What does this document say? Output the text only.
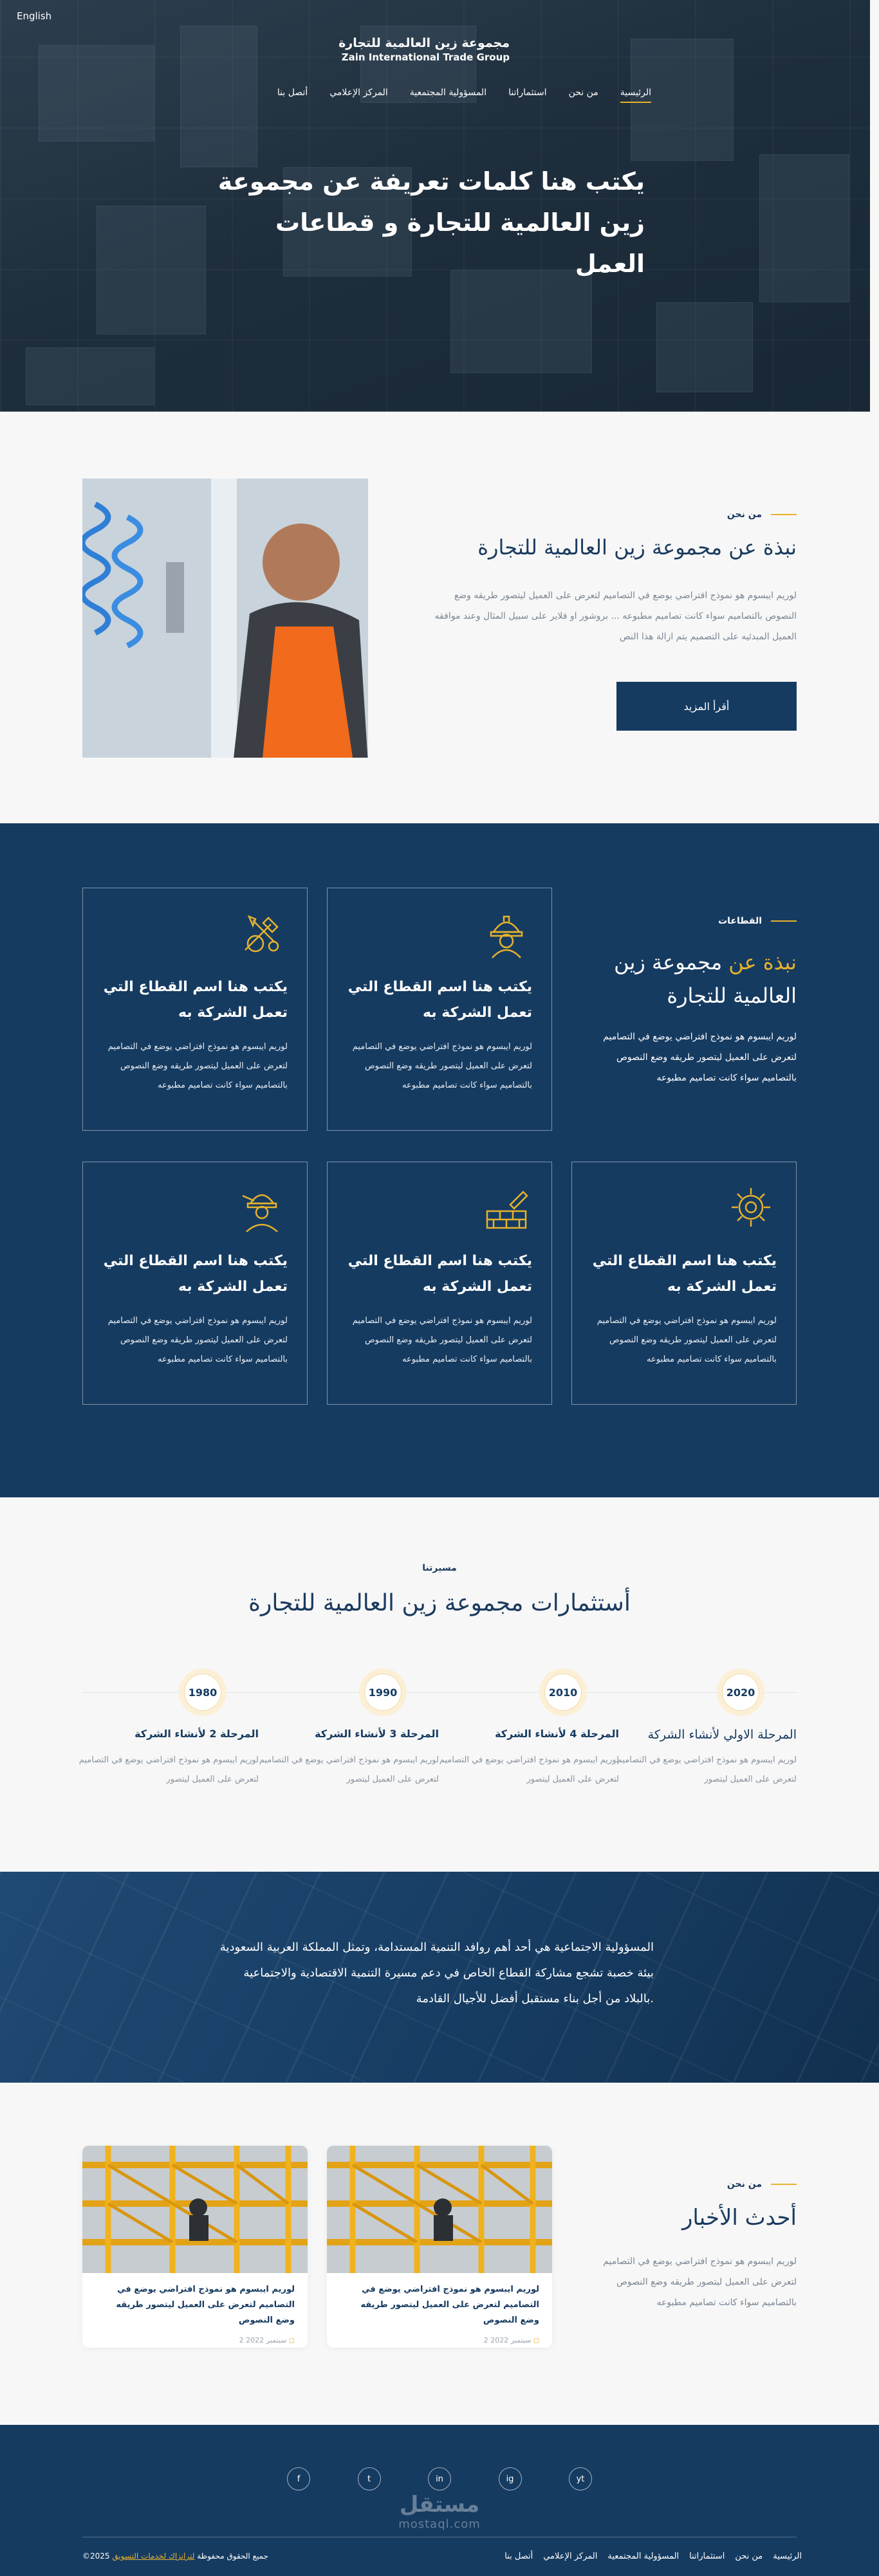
English
مجموعة زين العالمية للتجارة
Zain International Trade Group
الرئيسية
من نحن
استثماراتنا
المسؤولية المجتمعية
المركز الإعلامي
أتصل بنا
يكتب هنا كلمات تعريفة عن مجموعة زين العالمية للتجارة و قطاعات العمل
من نحن
نبذة عن مجموعة زين العالمية للتجارة

لوريم ايبسوم هو نموذج افتراضي يوضع في التصاميم لتعرض على العميل ليتصور طريقه وضع النصوص بالتصاميم سواء كانت تصاميم مطبوعه ... بروشور او فلاير على سبيل المثال وعند موافقه العميل المبدئيه على التصميم يتم ازالة هذا النص

أقرأ المزيد
القطاعات
نبذة عن مجموعة زين العالمية للتجارة

لوريم ايبسوم هو نموذج افتراضي يوضع في التصاميم لتعرض على العميل ليتصور طريقه وضع النصوص بالتصاميم سواء كانت تصاميم مطبوعه

يكتب هنا اسم القطاع التي تعمل الشركة به

لوريم ايبسوم هو نموذج افتراضي يوضع في التصاميم لتعرض على العميل ليتصور طريقه وضع النصوص بالتصاميم سواء كانت تصاميم مطبوعه

يكتب هنا اسم القطاع التي تعمل الشركة به

لوريم ايبسوم هو نموذج افتراضي يوضع في التصاميم لتعرض على العميل ليتصور طريقه وضع النصوص بالتصاميم سواء كانت تصاميم مطبوعه

يكتب هنا اسم القطاع التي تعمل الشركة به

لوريم ايبسوم هو نموذج افتراضي يوضع في التصاميم لتعرض على العميل ليتصور طريقه وضع النصوص بالتصاميم سواء كانت تصاميم مطبوعه

يكتب هنا اسم القطاع التي تعمل الشركة به

لوريم ايبسوم هو نموذج افتراضي يوضع في التصاميم لتعرض على العميل ليتصور طريقه وضع النصوص بالتصاميم سواء كانت تصاميم مطبوعه

يكتب هنا اسم القطاع التي تعمل الشركة به

لوريم ايبسوم هو نموذج افتراضي يوضع في التصاميم لتعرض على العميل ليتصور طريقه وضع النصوص بالتصاميم سواء كانت تصاميم مطبوعه

مسيرتنا
أستثمارات مجموعة زين العالمية للتجارة
2020
المرحلة الاولي لأنشاء الشركة

لوريم ايبسوم هو نموذج افتراضي يوضع في التصاميم لتعرض على العميل ليتصور

2010
المرحلة 4 لأنشاء الشركة

لوريم ايبسوم هو نموذج افتراضي يوضع في التصاميم لتعرض على العميل ليتصور

1990
المرحلة 3 لأنشاء الشركة

لوريم ايبسوم هو نموذج افتراضي يوضع في التصاميم لتعرض على العميل ليتصور

1980
المرحلة 2 لأنشاء الشركة

لوريم ايبسوم هو نموذج افتراضي يوضع في التصاميم لتعرض على العميل ليتصور

المسؤولية الاجتماعية هي أحد أهم روافد التنمية المستدامة، وتمثل المملكة العربية السعودية بيئة خصبة تشجع مشاركة القطاع الخاص في دعم مسيرة التنمية الاقتصادية والاجتماعية بالبلاد من أجل بناء مستقبل أفضل للأجيال القادمة.

من نحن
أحدث الأخبار

لوريم ايبسوم هو نموذج افتراضي يوضع في التصاميم لتعرض على العميل ليتصور طريقه وضع النصوص بالتصاميم سواء كانت تصاميم مطبوعه

لوريم ايبسوم هو نموذج افتراضي يوضع في التصاميم لتعرض على العميل ليتصور طريقه وضع النصوص
2 سبتمبر 2022 ◻
لوريم ايبسوم هو نموذج افتراضي يوضع في التصاميم لتعرض على العميل ليتصور طريقه وضع النصوص
2 سبتمبر 2022 ◻
f	t	in	ig	yt
مستقل
mostaql.com
الرئيسية
من نحن
استثماراتنا
المسؤولية المجتمعية
المركز الإعلامي
أتصل بنا
جميع الحقوق محفوظة لترانزاك لخدمات التسويق 2025©
